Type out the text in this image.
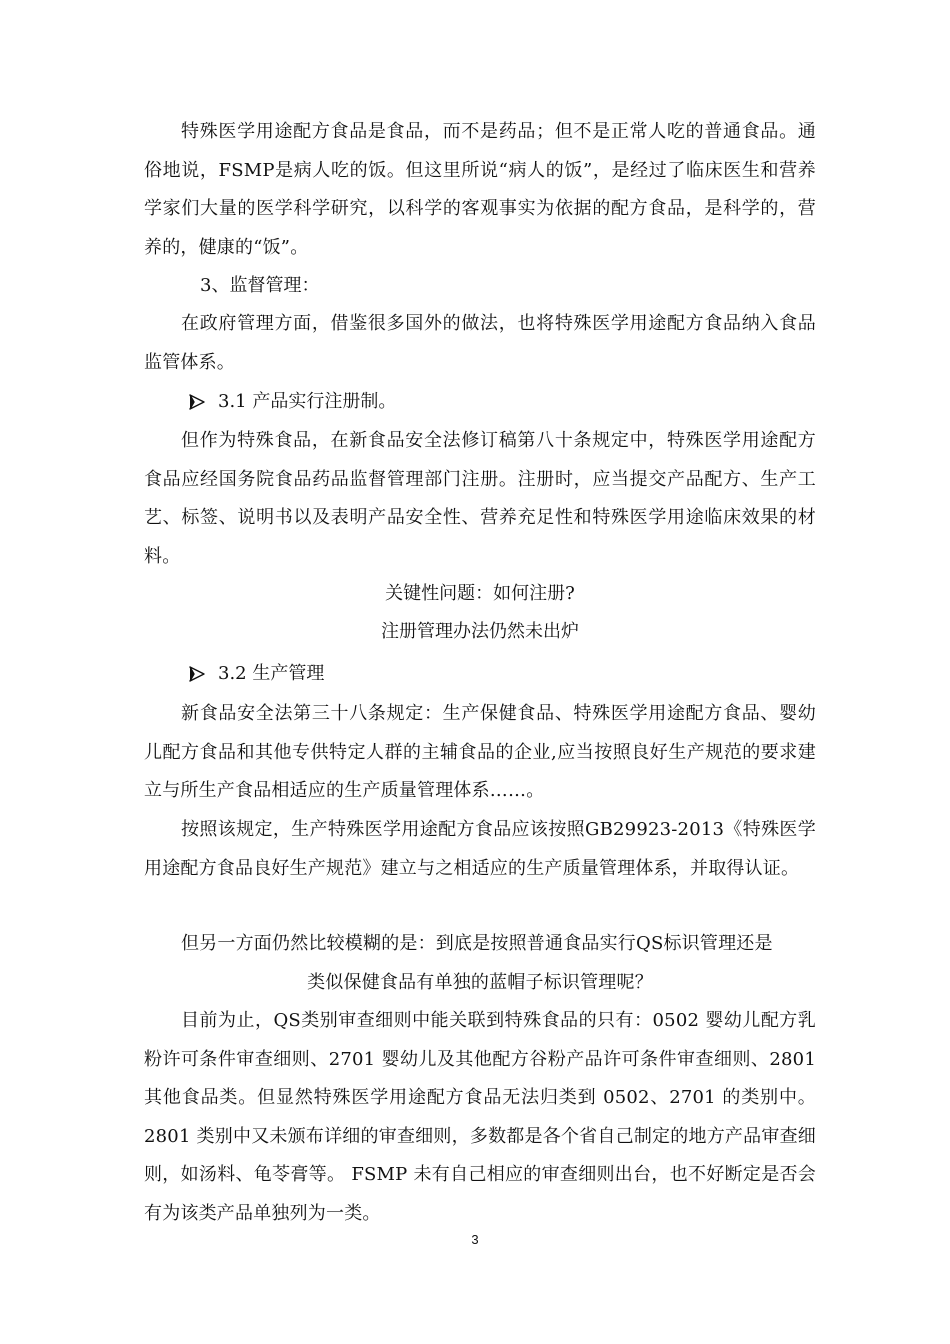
特殊医学用途配方食品是食品，而不是药品；但不是正常人吃的普通食品。通俗地说，FSMP是病人吃的饭。但这里所说“病人的饭”，是经过了临床医生和营养学家们大量的医学科学研究，以科学的客观事实为依据的配方食品，是科学的，营养的，健康的“饭”。

3、监督管理：

在政府管理方面，借鉴很多国外的做法，也将特殊医学用途配方食品纳入食品监管体系。

3.1 产品实行注册制。

但作为特殊食品，在新食品安全法修订稿第八十条规定中，特殊医学用途配方食品应经国务院食品药品监督管理部门注册。注册时，应当提交产品配方、生产工艺、标签、说明书以及表明产品安全性、营养充足性和特殊医学用途临床效果的材料。

关键性问题：如何注册?

注册管理办法仍然未出炉

3.2 生产管理

新食品安全法第三十八条规定：生产保健食品、特殊医学用途配方食品、婴幼儿配方食品和其他专供特定人群的主辅食品的企业,应当按照良好生产规范的要求建立与所生产食品相适应的生产质量管理体系……。

按照该规定，生产特殊医学用途配方食品应该按照GB29923-2013《特殊医学用途配方食品良好生产规范》建立与之相适应的生产质量管理体系，并取得认证。

但另一方面仍然比较模糊的是：到底是按照普通食品实行QS标识管理还是
类似保健食品有单独的蓝帽子标识管理呢？

目前为止，QS类别审查细则中能关联到特殊食品的只有：0502 婴幼儿配方乳粉许可条件审查细则、2701 婴幼儿及其他配方谷粉产品许可条件审查细则、2801 其他食品类。但显然特殊医学用途配方食品无法归类到 0502、2701 的类别中。2801 类别中又未颁布详细的审查细则，多数都是各个省自己制定的地方产品审查细则，如汤料、龟苓膏等。 FSMP 未有自己相应的审查细则出台，也不好断定是否会有为该类产品单独列为一类。

3
